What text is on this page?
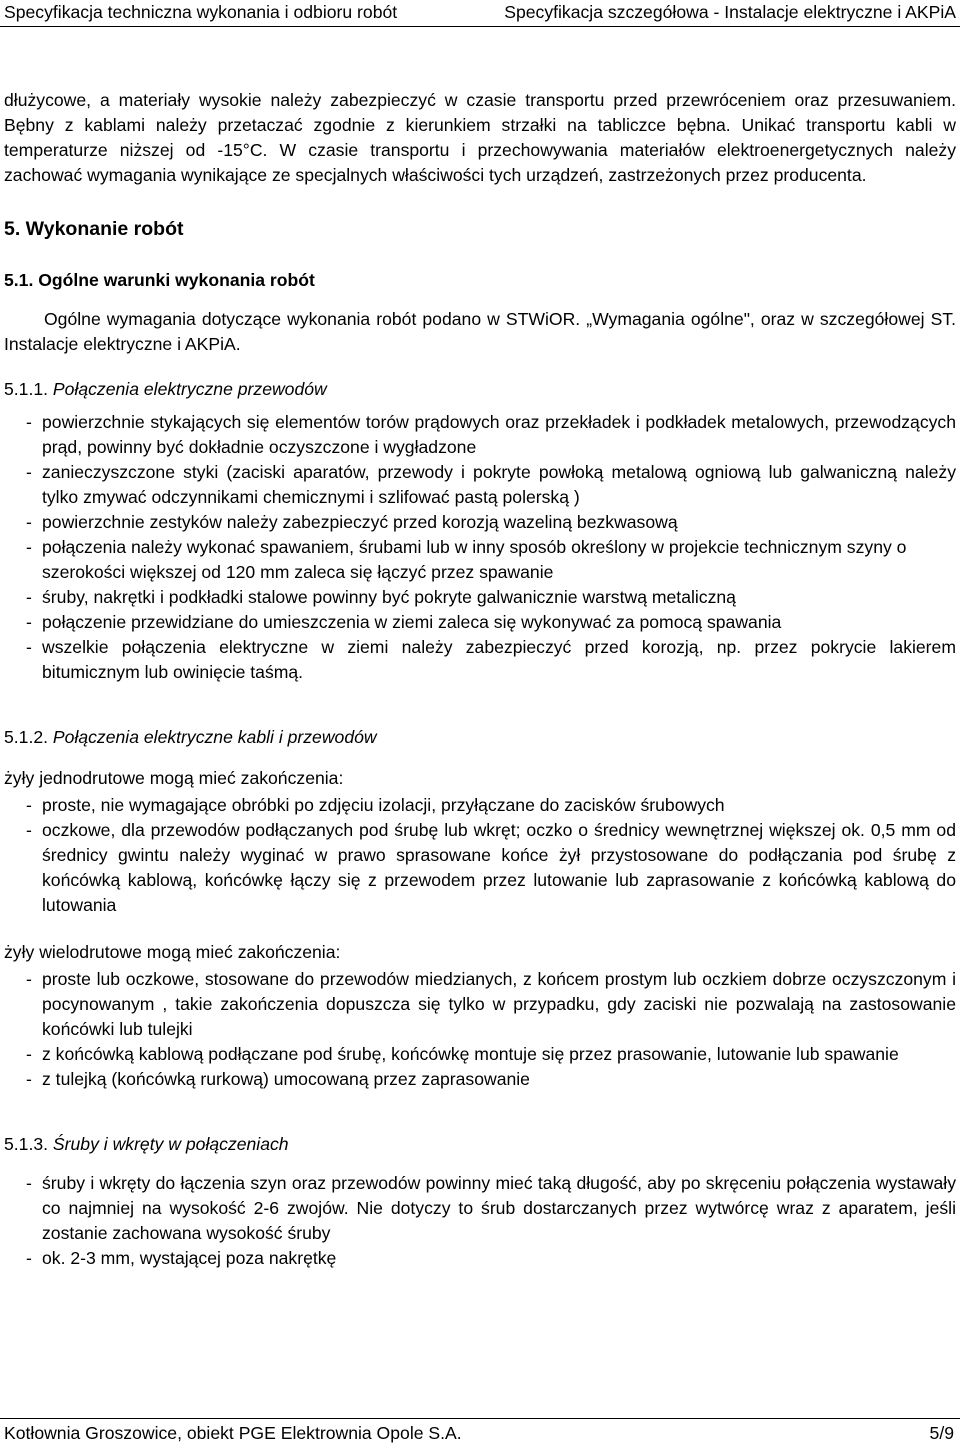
Specyfikacja techniczna wykonania i odbioru robót	Specyfikacja szczegółowa - Instalacje elektryczne i AKPiA

dłużycowe, a materiały wysokie należy zabezpieczyć w czasie transportu przed przewróceniem oraz przesuwaniem. Bębny z kablami należy przetaczać zgodnie z kierunkiem strzałki na tabliczce bębna. Unikać transportu kabli w temperaturze niższej od -15°C. W czasie transportu i przechowywania materiałów elektroenergetycznych należy zachować wymagania wynikające ze specjalnych właściwości tych urządzeń, zastrzeżonych przez producenta.

5. Wykonanie robót
5.1. Ogólne warunki wykonania robót

Ogólne wymagania dotyczące wykonania robót podano w STWiOR. „Wymagania ogólne", oraz w szczegółowej ST. Instalacje elektryczne i AKPiA.

5.1.1. Połączenia elektryczne przewodów
- powierzchnie stykających się elementów torów prądowych oraz przekładek i podkładek metalowych, przewodzących prąd, powinny być dokładnie oczyszczone i wygładzone
- zanieczyszczone styki (zaciski aparatów, przewody i pokryte powłoką metalową ogniową lub galwaniczną należy tylko zmywać odczynnikami chemicznymi i szlifować pastą polerską )
- powierzchnie zestyków należy zabezpieczyć przed korozją wazeliną bezkwasową
- połączenia należy wykonać spawaniem, śrubami lub w inny sposób określony w projekcie technicznym szyny o szerokości większej od 120 mm zaleca się łączyć przez spawanie
- śruby, nakrętki i podkładki stalowe powinny być pokryte galwanicznie warstwą metaliczną
- połączenie przewidziane do umieszczenia w ziemi zaleca się wykonywać za pomocą spawania
- wszelkie połączenia elektryczne w ziemi należy zabezpieczyć przed korozją, np. przez pokrycie lakierem bitumicznym lub owinięcie taśmą.
5.1.2. Połączenia elektryczne kabli i przewodów

żyły jednodrutowe mogą mieć zakończenia:

- proste, nie wymagające obróbki po zdjęciu izolacji, przyłączane do zacisków śrubowych
- oczkowe, dla przewodów podłączanych pod śrubę lub wkręt; oczko o średnicy wewnętrznej większej ok. 0,5 mm od średnicy gwintu należy wyginać w prawo sprasowane końce żył przystosowane do podłączania pod śrubę z końcówką kablową, końcówkę łączy się z przewodem przez lutowanie lub zaprasowanie z końcówką kablową do lutowania

żyły wielodrutowe mogą mieć zakończenia:

- proste lub oczkowe, stosowane do przewodów miedzianych, z końcem prostym lub oczkiem dobrze oczyszczonym i pocynowanym , takie zakończenia dopuszcza się tylko w przypadku, gdy zaciski nie pozwalają na zastosowanie końcówki lub tulejki
- z końcówką kablową podłączane pod śrubę, końcówkę montuje się przez prasowanie, lutowanie lub spawanie
- z tulejką (końcówką rurkową) umocowaną przez zaprasowanie
5.1.3. Śruby i wkręty w połączeniach
- śruby i wkręty do łączenia szyn oraz przewodów powinny mieć taką długość, aby po skręceniu połączenia wystawały co najmniej na wysokość 2-6 zwojów. Nie dotyczy to śrub dostarczanych przez wytwórcę wraz z aparatem, jeśli zostanie zachowana wysokość śruby
- ok. 2-3 mm, wystającej poza nakrętkę
Kotłownia Groszowice, obiekt PGE Elektrownia Opole S.A.	5/9
